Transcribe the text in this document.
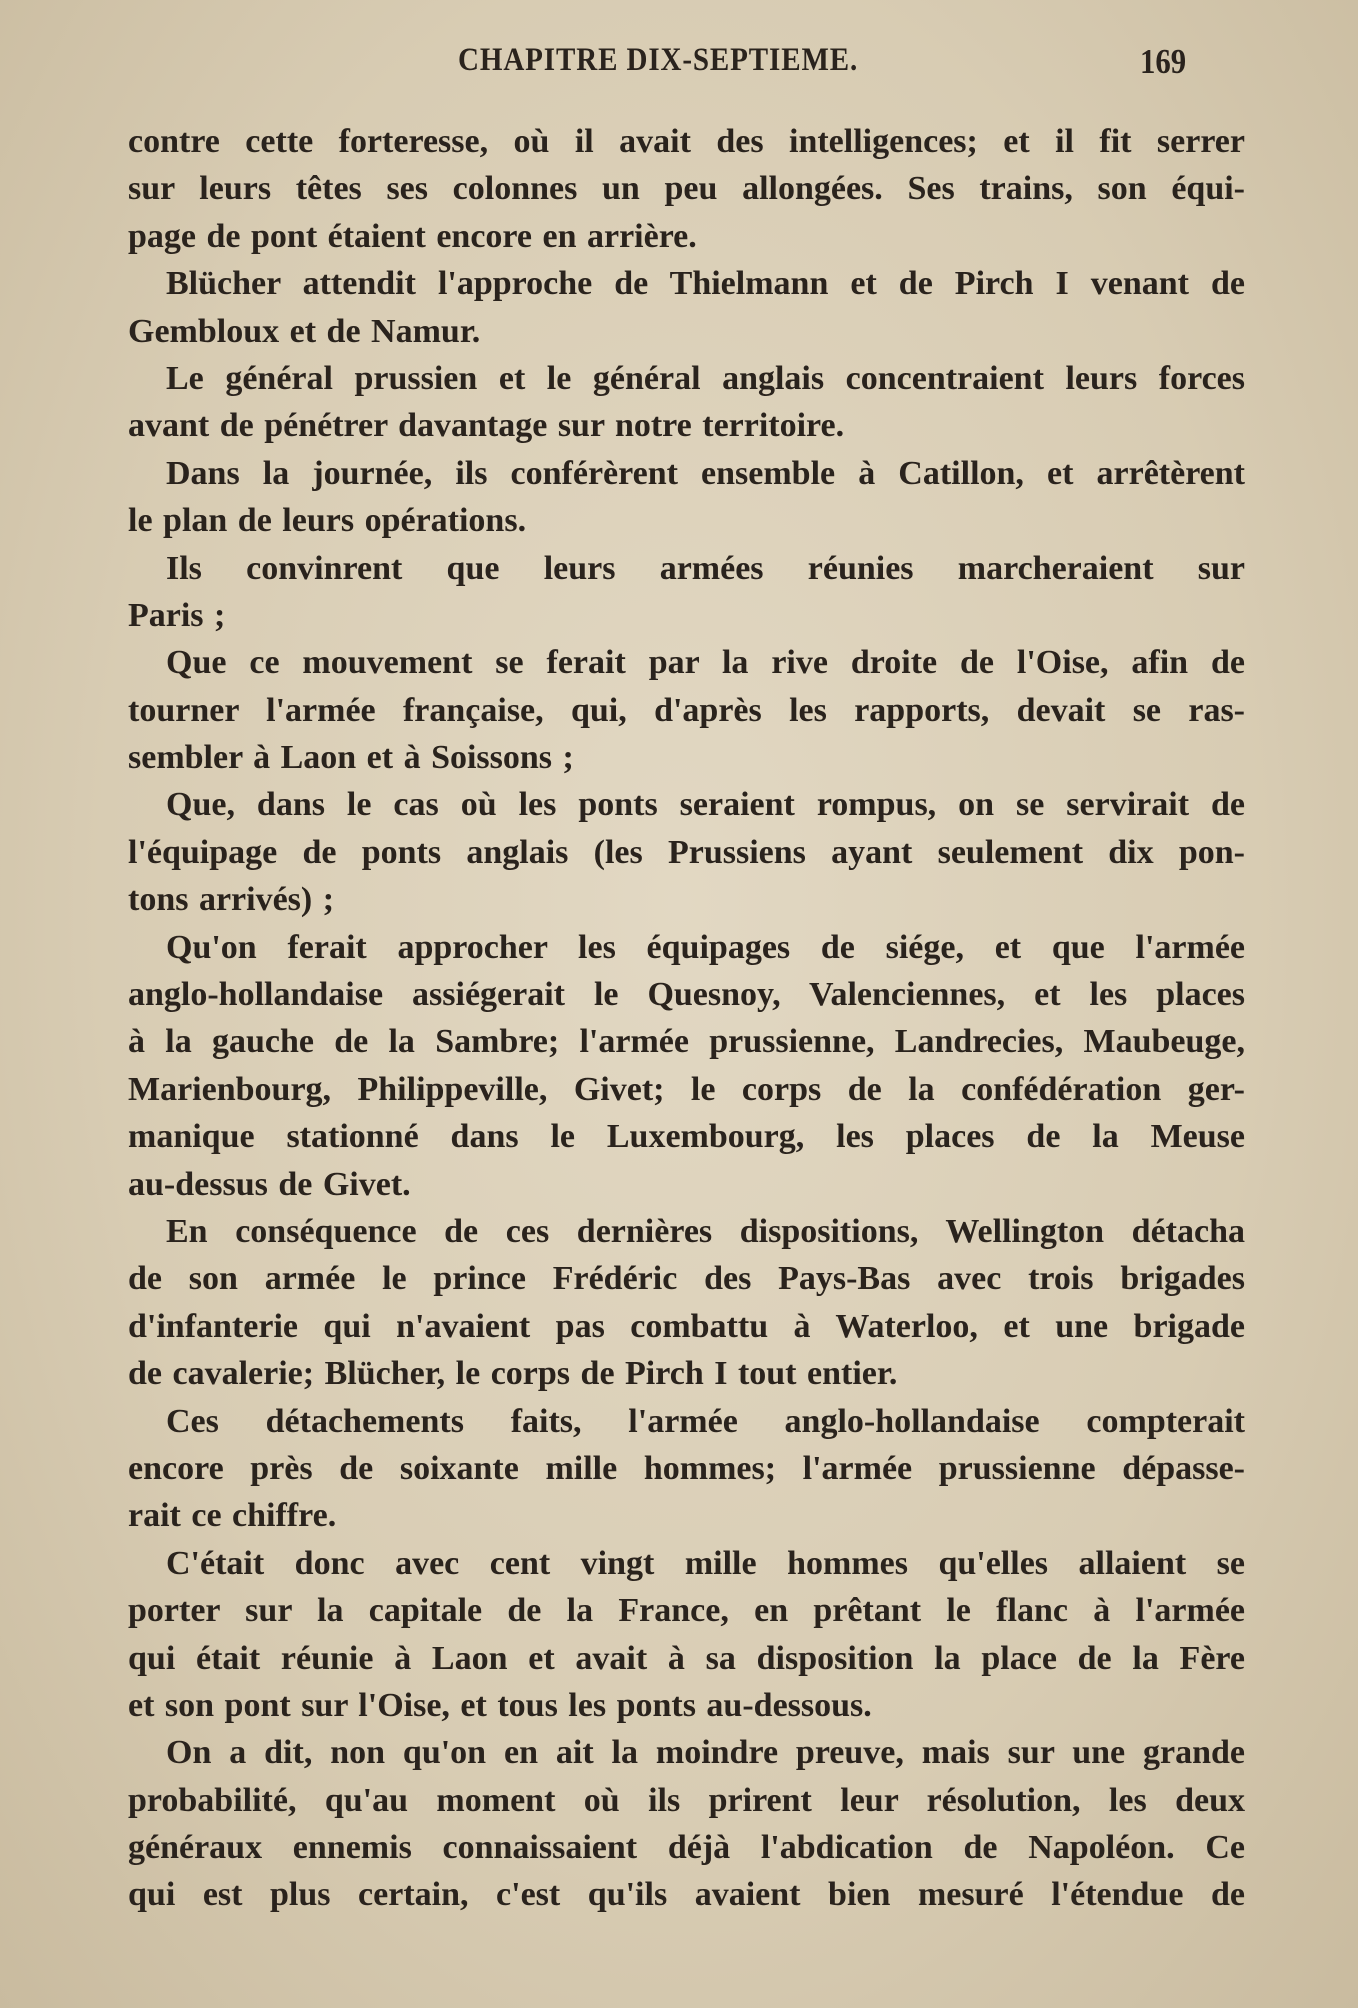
CHAPITRE DIX-SEPTIEME.	169
contre cette forteresse, où il avait des intelligences; et il fit serrer
sur leurs têtes ses colonnes un peu allongées. Ses trains, son équi-
page de pont étaient encore en arrière.
Blücher attendit l'approche de Thielmann et de Pirch I venant de
Gembloux et de Namur.
Le général prussien et le général anglais concentraient leurs forces
avant de pénétrer davantage sur notre territoire.
Dans la journée, ils conférèrent ensemble à Catillon, et arrêtèrent
le plan de leurs opérations.
Ils convinrent que leurs armées réunies marcheraient sur
Paris ;
Que ce mouvement se ferait par la rive droite de l'Oise, afin de
tourner l'armée française, qui, d'après les rapports, devait se ras-
sembler à Laon et à Soissons ;
Que, dans le cas où les ponts seraient rompus, on se servirait de
l'équipage de ponts anglais (les Prussiens ayant seulement dix pon-
tons arrivés) ;
Qu'on ferait approcher les équipages de siége, et que l'armée
anglo-hollandaise assiégerait le Quesnoy, Valenciennes, et les places
à la gauche de la Sambre; l'armée prussienne, Landrecies, Maubeuge,
Marienbourg, Philippeville, Givet; le corps de la confédération ger-
manique stationné dans le Luxembourg, les places de la Meuse
au-dessus de Givet.
En conséquence de ces dernières dispositions, Wellington détacha
de son armée le prince Frédéric des Pays-Bas avec trois brigades
d'infanterie qui n'avaient pas combattu à Waterloo, et une brigade
de cavalerie; Blücher, le corps de Pirch I tout entier.
Ces détachements faits, l'armée anglo-hollandaise compterait
encore près de soixante mille hommes; l'armée prussienne dépasse-
rait ce chiffre.
C'était donc avec cent vingt mille hommes qu'elles allaient se
porter sur la capitale de la France, en prêtant le flanc à l'armée
qui était réunie à Laon et avait à sa disposition la place de la Fère
et son pont sur l'Oise, et tous les ponts au-dessous.
On a dit, non qu'on en ait la moindre preuve, mais sur une grande
probabilité, qu'au moment où ils prirent leur résolution, les deux
généraux ennemis connaissaient déjà l'abdication de Napoléon. Ce
qui est plus certain, c'est qu'ils avaient bien mesuré l'étendue de
